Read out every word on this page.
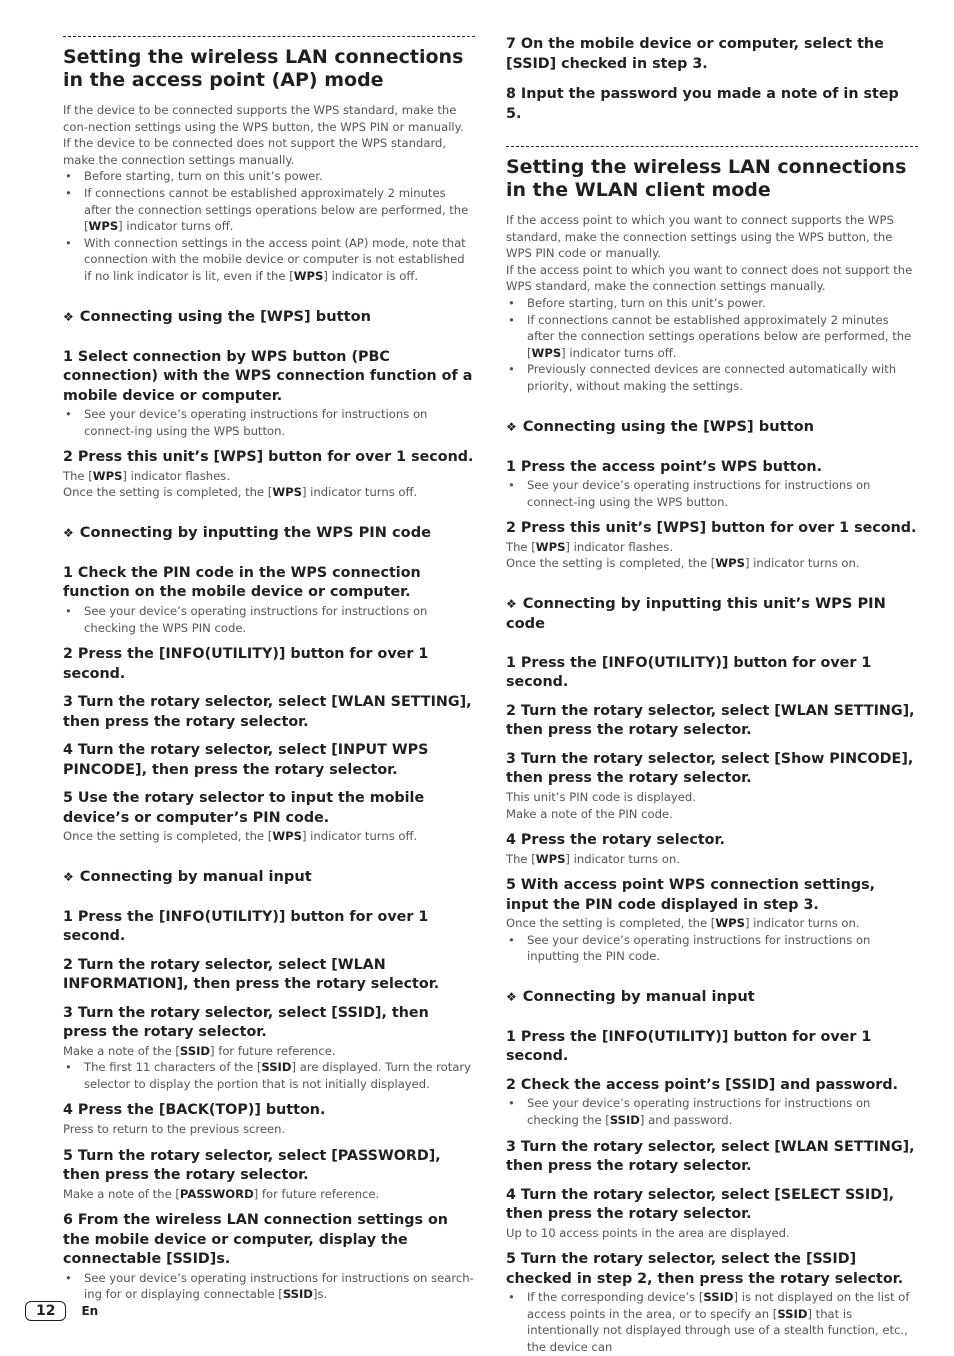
Setting the wireless LAN connections in the access point (AP) mode

If the device to be connected supports the WPS standard, make the con-nection settings using the WPS button, the WPS PIN or manually.

If the device to be connected does not support the WPS standard, make the connection settings manually.

• Before starting, turn on this unit’s power.

• If connections cannot be established approximately 2 minutes after the connection settings operations below are performed, the [WPS] indicator turns off.

• With connection settings in the access point (AP) mode, note that connection with the mobile device or computer is not established if no link indicator is lit, even if the [WPS] indicator is off.

❖ Connecting using the [WPS] button

1 Select connection by WPS button (PBC connection) with the WPS connection function of a mobile device or computer.

• See your device’s operating instructions for instructions on connect-ing using the WPS button.

2 Press this unit’s [WPS] button for over 1 second.

The [WPS] indicator flashes.

Once the setting is completed, the [WPS] indicator turns off.

❖ Connecting by inputting the WPS PIN code

1 Check the PIN code in the WPS connection function on the mobile device or computer.

• See your device’s operating instructions for instructions on checking the WPS PIN code.

2 Press the [INFO(UTILITY)] button for over 1 second.

3 Turn the rotary selector, select [WLAN SETTING], then press the rotary selector.

4 Turn the rotary selector, select [INPUT WPS PINCODE], then press the rotary selector.

5 Use the rotary selector to input the mobile device’s or computer’s PIN code.

Once the setting is completed, the [WPS] indicator turns off.

❖ Connecting by manual input

1 Press the [INFO(UTILITY)] button for over 1 second.

2 Turn the rotary selector, select [WLAN INFORMATION], then press the rotary selector.

3 Turn the rotary selector, select [SSID], then press the rotary selector.

Make a note of the [SSID] for future reference.

• The first 11 characters of the [SSID] are displayed. Turn the rotary selector to display the portion that is not initially displayed.

4 Press the [BACK(TOP)] button.

Press to return to the previous screen.

5 Turn the rotary selector, select [PASSWORD], then press the rotary selector.

Make a note of the [PASSWORD] for future reference.

6 From the wireless LAN connection settings on the mobile device or computer, display the connectable [SSID]s.

• See your device’s operating instructions for instructions on search-ing for or displaying connectable [SSID]s.

7 On the mobile device or computer, select the [SSID] checked in step 3.

8 Input the password you made a note of in step 5.

Setting the wireless LAN connections in the WLAN client mode

If the access point to which you want to connect supports the WPS standard, make the connection settings using the WPS button, the WPS PIN code or manually.

If the access point to which you want to connect does not support the WPS standard, make the connection settings manually.

• Before starting, turn on this unit’s power.

• If connections cannot be established approximately 2 minutes after the connection settings operations below are performed, the [WPS] indicator turns off.

• Previously connected devices are connected automatically with priority, without making the settings.

❖ Connecting using the [WPS] button

1 Press the access point’s WPS button.

• See your device’s operating instructions for instructions on connect-ing using the WPS button.

2 Press this unit’s [WPS] button for over 1 second.

The [WPS] indicator flashes.

Once the setting is completed, the [WPS] indicator turns on.

❖ Connecting by inputting this unit’s WPS PIN code

1 Press the [INFO(UTILITY)] button for over 1 second.

2 Turn the rotary selector, select [WLAN SETTING], then press the rotary selector.

3 Turn the rotary selector, select [Show PINCODE], then press the rotary selector.

This unit’s PIN code is displayed.

Make a note of the PIN code.

4 Press the rotary selector.

The [WPS] indicator turns on.

5 With access point WPS connection settings, input the PIN code displayed in step 3.

Once the setting is completed, the [WPS] indicator turns on.

• See your device’s operating instructions for instructions on inputting the PIN code.

❖ Connecting by manual input

1 Press the [INFO(UTILITY)] button for over 1 second.

2 Check the access point’s [SSID] and password.

• See your device’s operating instructions for instructions on checking the [SSID] and password.

3 Turn the rotary selector, select [WLAN SETTING], then press the rotary selector.

4 Turn the rotary selector, select [SELECT SSID], then press the rotary selector.

Up to 10 access points in the area are displayed.

5 Turn the rotary selector, select the [SSID] checked in step 2, then press the rotary selector.

• If the corresponding device’s [SSID] is not displayed on the list of access points in the area, or to specify an [SSID] that is intentionally not displayed through use of a stealth function, etc., the device can

12	En
